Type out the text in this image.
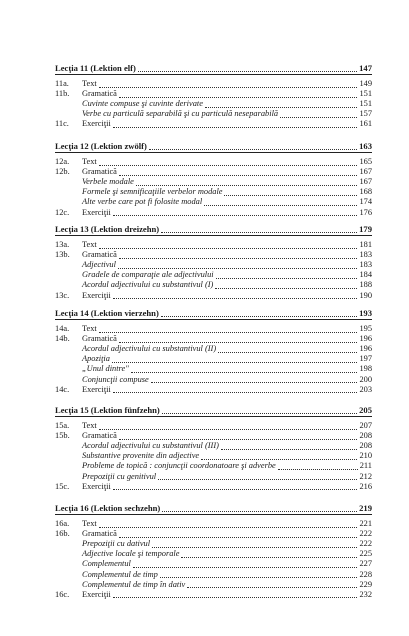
Lecţia 11 (Lektion elf)	147
11a. Text	149
11b. Gramatică	151
Cuvinte compuse şi cuvinte derivate	151
Verbe cu particulă separabilă şi cu particulă neseparabilă	157
11c. Exerciţii	161
Lecţia 12 (Lektion zwölf)	163
12a. Text	165
12b. Gramatică	167
Verbele modale	167
Formele şi semnificaţiile verbelor modale	168
Alte verbe care pot fi folosite modal	174
12c. Exerciţii	176
Lecţia 13 (Lektion dreizehn)	179
13a. Text	181
13b. Gramatică	183
Adjectivul	183
Gradele de comparaţie ale adjectivului	184
Acordul adjectivului cu substantivul (I)	188
13c. Exerciţii	190
Lecţia 14 (Lektion vierzehn)	193
14a. Text	195
14b. Gramatică	196
Acordul adjectivului cu substantivul (II)	196
Apoziţia	197
„Unul dintre"	198
Conjuncţii compuse	200
14c. Exerciţii	203
Lecţia 15 (Lektion fünfzehn)	205
15a. Text	207
15b. Gramatică	208
Acordul adjectivului cu substantivul (III)	208
Substantive provenite din adjective	210
Probleme de topică : conjuncţii coordonatoare şi adverbe	211
Prepoziţii cu genitivul	212
15c. Exerciţii	216
Lecţia 16 (Lektion sechzehn)	219
16a. Text	221
16b. Gramatică	222
Prepoziţii cu dativul	222
Adjective locale şi temporale	225
Complementul	227
Complementul de timp	228
Complementul de timp în dativ	229
16c. Exerciţii	232
